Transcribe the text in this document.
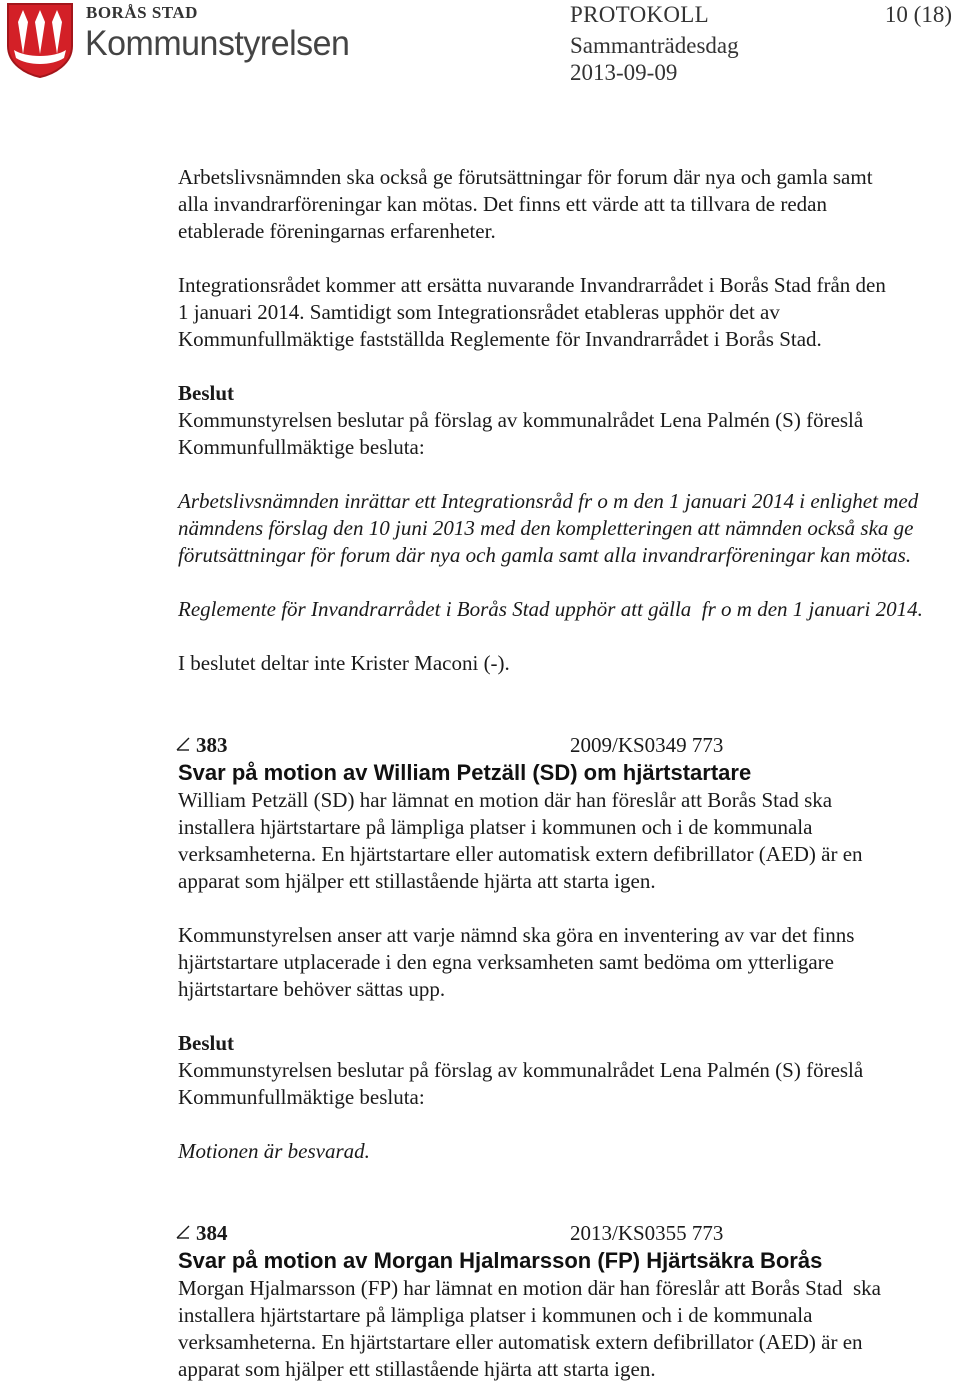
BORÅS STAD
Kommunstyrelsen
PROTOKOLL	10 (18)
Sammanträdesdag
2013-09-09

Arbetslivsnämnden ska också ge förutsättningar för forum där nya och gamla samt
alla invandrarföreningar kan mötas. Det finns ett värde att ta tillvara de redan
etablerade föreningarnas erfarenheter.

Integrationsrådet kommer att ersätta nuvarande Invandrarrådet i Borås Stad från den
1 januari 2014. Samtidigt som Integrationsrådet etableras upphör det av
Kommunfullmäktige fastställda Reglemente för Invandrarrådet i Borås Stad.

Beslut

Kommunstyrelsen beslutar på förslag av kommunalrådet Lena Palmén (S) föreslå
Kommunfullmäktige besluta:

Arbetslivsnämnden inrättar ett Integrationsråd fr o m den 1 januari 2014 i enlighet med
nämndens förslag den 10 juni 2013 med den kompletteringen att nämnden också ska ge
förutsättningar för forum där nya och gamla samt alla invandrarföreningar kan mötas.

Reglemente för Invandrarrådet i Borås Stad upphör att gälla  fr o m den 1 januari 2014.

I beslutet deltar inte Krister Maconi (-).

383	2009/KS0349 773

Svar på motion av William Petzäll (SD) om hjärtstartare

William Petzäll (SD) har lämnat en motion där han föreslår att Borås Stad ska
installera hjärtstartare på lämpliga platser i kommunen och i de kommunala
verksamheterna. En hjärtstartare eller automatisk extern defibrillator (AED) är en
apparat som hjälper ett stillastående hjärta att starta igen.

Kommunstyrelsen anser att varje nämnd ska göra en inventering av var det finns
hjärtstartare utplacerade i den egna verksamheten samt bedöma om ytterligare
hjärtstartare behöver sättas upp.

Beslut

Kommunstyrelsen beslutar på förslag av kommunalrådet Lena Palmén (S) föreslå
Kommunfullmäktige besluta:

Motionen är besvarad.

384	2013/KS0355 773

Svar på motion av Morgan Hjalmarsson (FP) Hjärtsäkra Borås

Morgan Hjalmarsson (FP) har lämnat en motion där han föreslår att Borås Stad  ska
installera hjärtstartare på lämpliga platser i kommunen och i de kommunala
verksamheterna. En hjärtstartare eller automatisk extern defibrillator (AED) är en
apparat som hjälper ett stillastående hjärta att starta igen.
